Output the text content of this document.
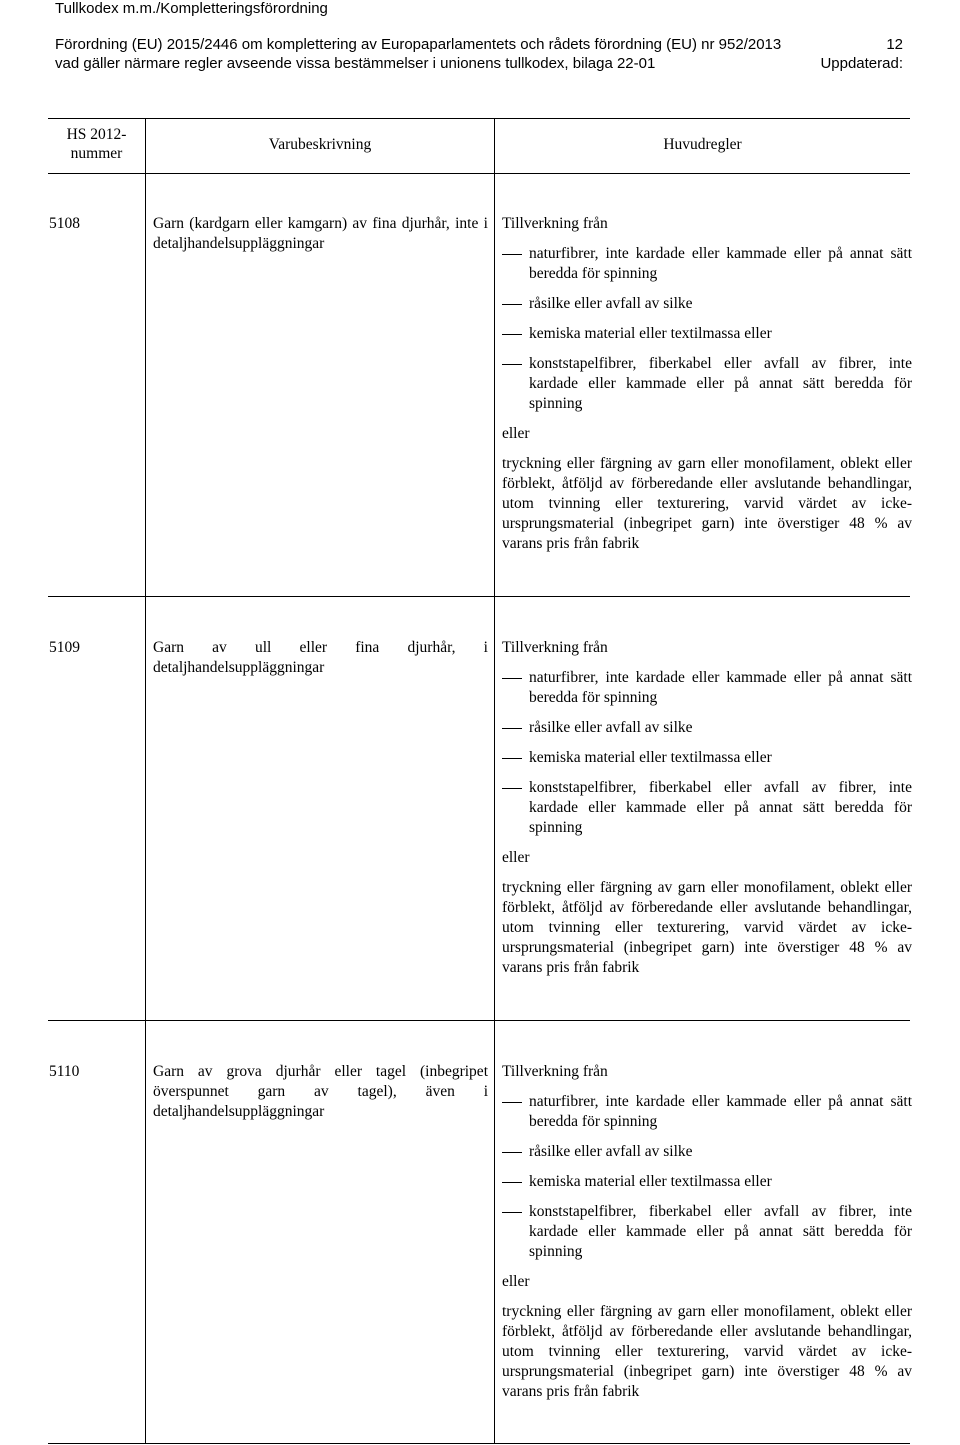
Tullkodex m.m./Kompletteringsförordning
Förordning (EU) 2015/2446 om komplettering av Europaparlamentets och rådets förordning (EU) nr 952/2013
vad gäller närmare regler avseende vissa bestämmelser i unionens tullkodex, bilaga 22-01
12
Uppdaterad:
HS 2012-
nummer
Varubeskrivning	Huvudregler
5108	Garn (kardgarn eller kamgarn) av fina djurhår, inte i detaljhandelsuppläggningar
Tillverkning från
naturfibrer, inte kardade eller kammade eller på annat sätt beredda för spinning
råsilke eller avfall av silke
kemiska material eller textilmassa eller
konststapelfibrer, fiberkabel eller avfall av fibrer, inte kardade eller kammade eller på annat sätt beredda för spinning
eller
tryckning eller färgning av garn eller monofilament, oblekt eller förblekt, åtföljd av förberedande eller avslutande behandlingar, utom tvinning eller texturering, varvid värdet av icke-ursprungsmaterial (inbegripet garn) inte överstiger 48 % av varans pris från fabrik
5109	Garn av ull eller fina djurhår, i detaljhandelsuppläggningar
Tillverkning från
naturfibrer, inte kardade eller kammade eller på annat sätt beredda för spinning
råsilke eller avfall av silke
kemiska material eller textilmassa eller
konststapelfibrer, fiberkabel eller avfall av fibrer, inte kardade eller kammade eller på annat sätt beredda för spinning
eller
tryckning eller färgning av garn eller monofilament, oblekt eller förblekt, åtföljd av förberedande eller avslutande behandlingar, utom tvinning eller texturering, varvid värdet av icke-ursprungsmaterial (inbegripet garn) inte överstiger 48 % av varans pris från fabrik
5110	Garn av grova djurhår eller tagel (inbegripet överspunnet garn av tagel), även i detaljhandelsuppläggningar
Tillverkning från
naturfibrer, inte kardade eller kammade eller på annat sätt beredda för spinning
råsilke eller avfall av silke
kemiska material eller textilmassa eller
konststapelfibrer, fiberkabel eller avfall av fibrer, inte kardade eller kammade eller på annat sätt beredda för spinning
eller
tryckning eller färgning av garn eller monofilament, oblekt eller förblekt, åtföljd av förberedande eller avslutande behandlingar, utom tvinning eller texturering, varvid värdet av icke-ursprungsmaterial (inbegripet garn) inte överstiger 48 % av varans pris från fabrik
